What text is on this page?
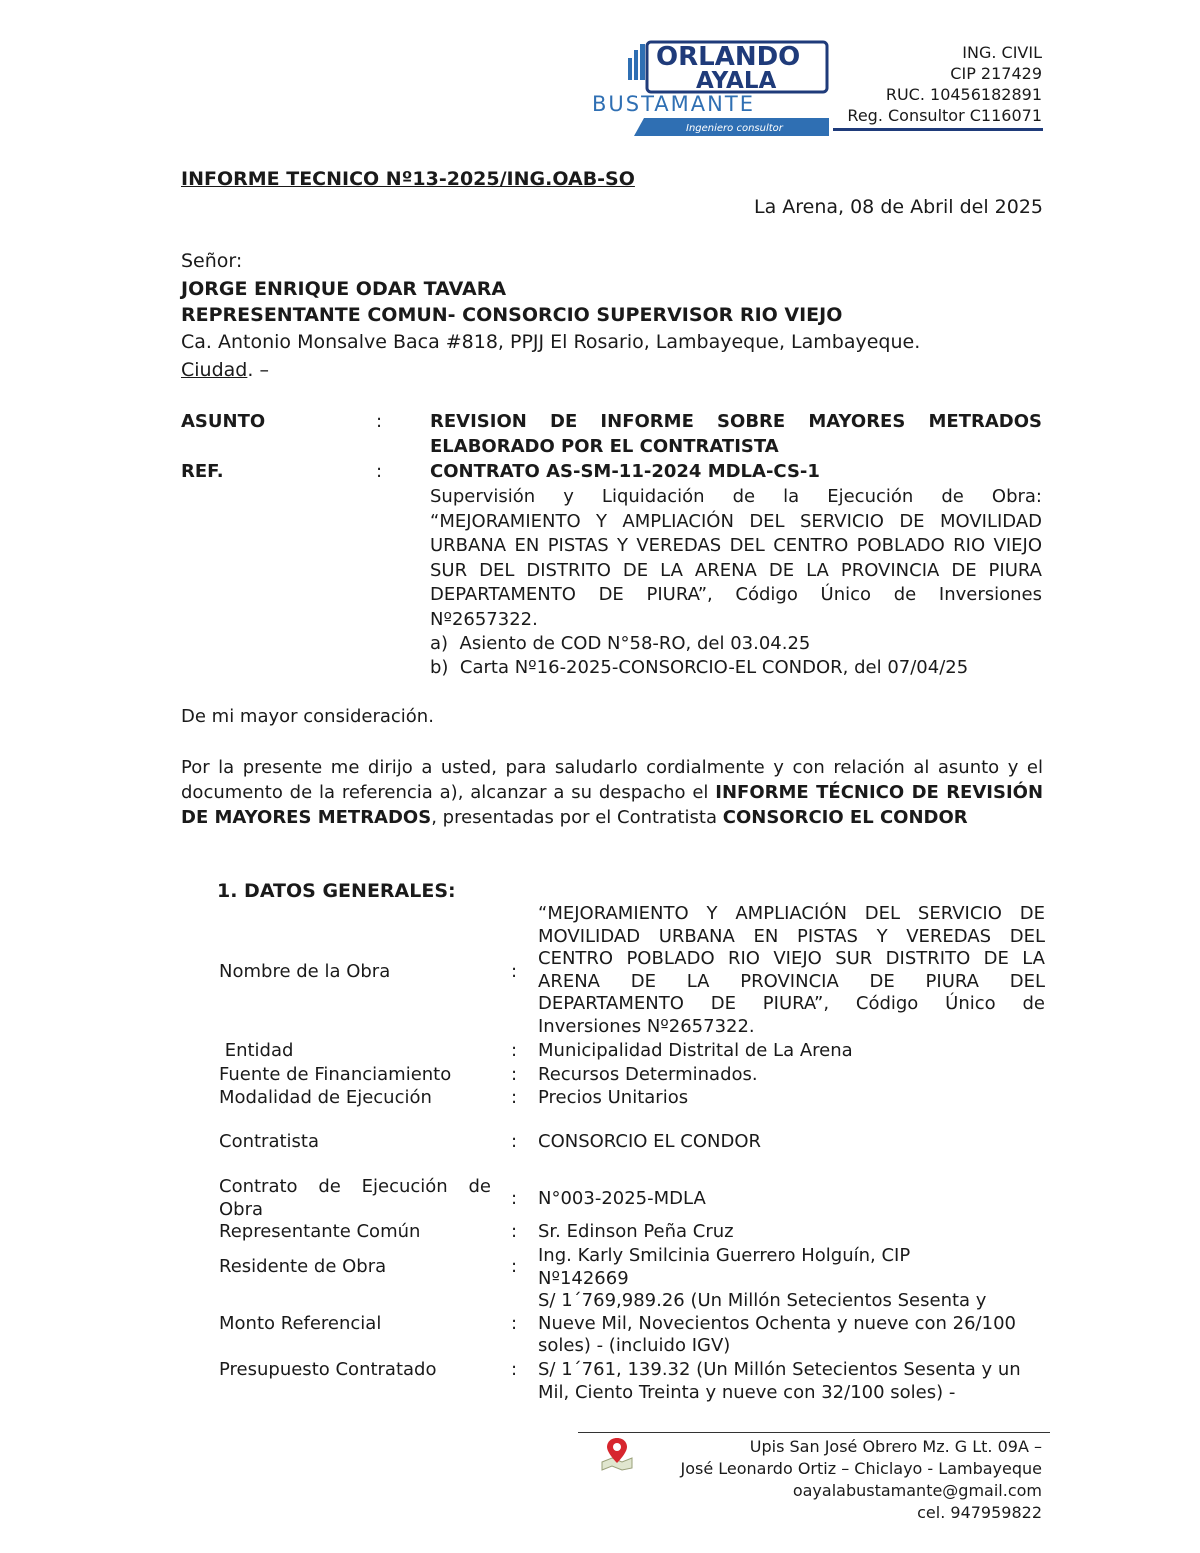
ORLANDO
AYALA
BUSTAMANTE
Ingeniero consultor
ING. CIVIL
CIP 217429
RUC. 10456182891
Reg. Consultor C116071
INFORME TECNICO Nº13-2025/ING.OAB-SO
La Arena, 08 de Abril del 2025
Señor:
JORGE ENRIQUE ODAR TAVARA
REPRESENTANTE COMUN- CONSORCIO SUPERVISOR RIO VIEJO
Ca. Antonio Monsalve Baca #818, PPJJ El Rosario, Lambayeque, Lambayeque.
Ciudad. –
ASUNTO	:	REVISION DE INFORME SOBRE MAYORES METRADOS ELABORADO POR EL CONTRATISTA
REF.	:	CONTRATO AS-SM-11-2024 MDLA-CS-1
Supervisión y Liquidación de la Ejecución de Obra: “MEJORAMIENTO Y AMPLIACIÓN DEL SERVICIO DE MOVILIDAD URBANA EN PISTAS Y VEREDAS DEL CENTRO POBLADO RIO VIEJO SUR DEL DISTRITO DE LA ARENA DE LA PROVINCIA DE PIURA DEPARTAMENTO DE PIURA”, Código Único de Inversiones Nº2657322.
a) Asiento de COD N°58-RO, del 03.04.25
b) Carta Nº16-2025-CONSORCIO-EL CONDOR, del 07/04/25
De mi mayor consideración.
Por la presente me dirijo a usted, para saludarlo cordialmente y con relación al asunto y el documento de la referencia a), alcanzar a su despacho el INFORME TÉCNICO DE REVISIÓN DE MAYORES METRADOS, presentadas por el Contratista CONSORCIO EL CONDOR
1. DATOS GENERALES:
Nombre de la Obra	:
“MEJORAMIENTO Y AMPLIACIÓN DEL SERVICIO DE MOVILIDAD URBANA EN PISTAS Y VEREDAS DEL CENTRO POBLADO RIO VIEJO SUR DISTRITO DE LA ARENA DE LA PROVINCIA DE PIURA DEL DEPARTAMENTO DE PIURA”, Código Único de Inversiones Nº2657322.
Entidad	: Municipalidad Distrital de La Arena
Fuente de Financiamiento	: Recursos Determinados.
Modalidad de Ejecución	: Precios Unitarios
Contratista	: CONSORCIO EL CONDOR
Contrato de Ejecución de Obra	: N°003-2025-MDLA
Representante Común	: Sr. Edinson Peña Cruz
Residente de Obra	:
Ing. Karly Smilcinia Guerrero Holguín, CIP Nº142669
Monto Referencial	:
S/ 1´769,989.26 (Un Millón Setecientos Sesenta y Nueve Mil, Novecientos Ochenta y nueve con 26/100 soles) - (incluido IGV)
Presupuesto Contratado	: S/ 1´761, 139.32 (Un Millón Setecientos Sesenta y un Mil, Ciento Treinta y nueve con 32/100 soles) -
Upis San José Obrero Mz. G Lt. 09A –
José Leonardo Ortiz – Chiclayo - Lambayeque
oayalabustamante@gmail.com
cel. 947959822
